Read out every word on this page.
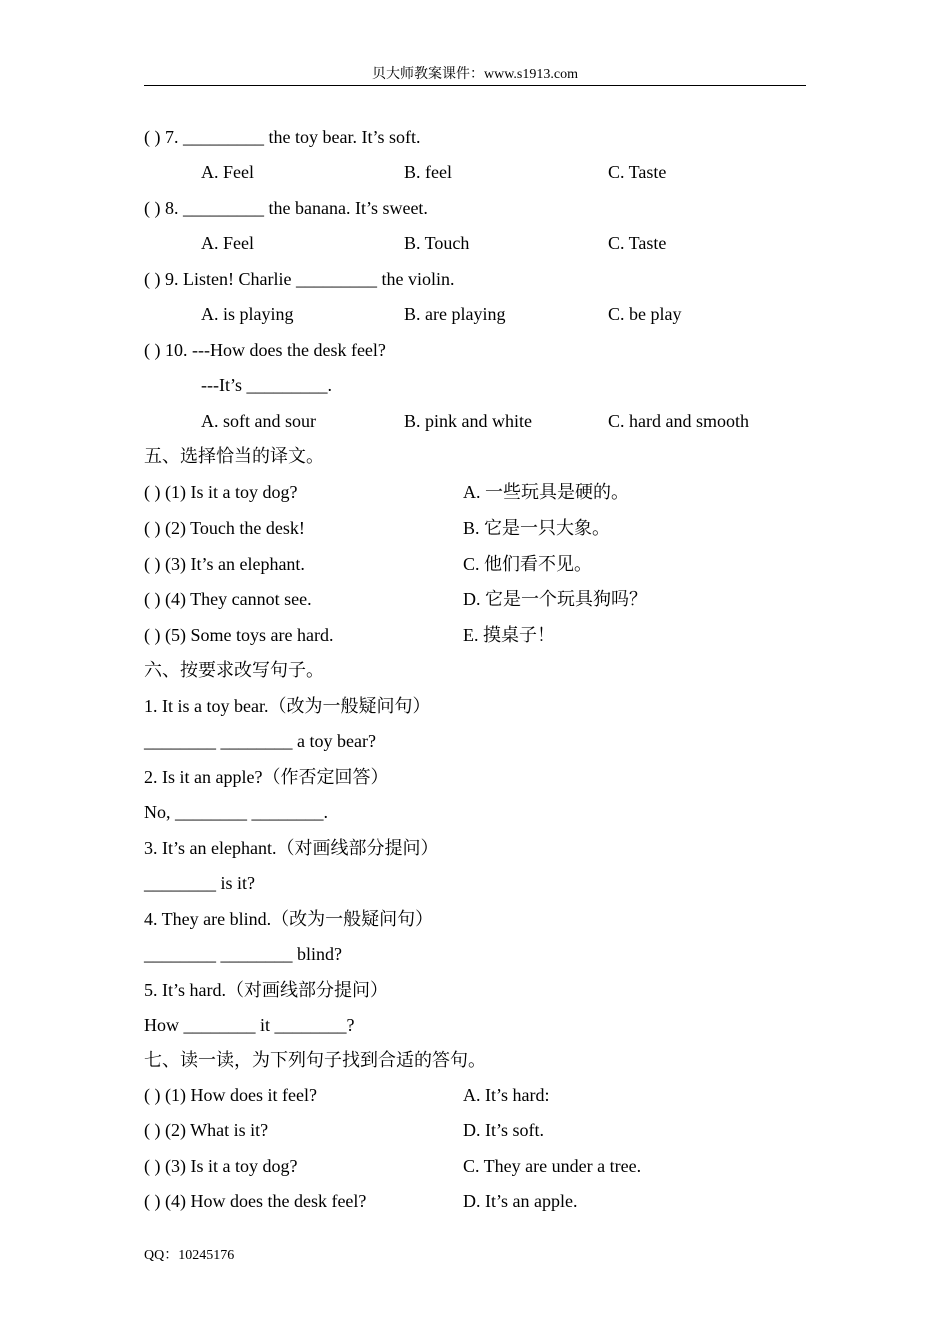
贝大师教案课件：www.s1913.com
( ) 7. _________ the toy bear. It’s soft.
A. Feel	B. feel	C. Taste
( ) 8. _________ the banana. It’s sweet.
A. Feel	B. Touch	C. Taste
( ) 9. Listen! Charlie _________ the violin.
A. is playing	B. are playing	C. be play
( ) 10. ---How does the desk feel?
---It’s _________.
A. soft and sour	B. pink and white	C. hard and smooth
五、选择恰当的译文。
( ) (1) Is it a toy dog?	A. 一些玩具是硬的。
( ) (2) Touch the desk!	B. 它是一只大象。
( ) (3) It’s an elephant.	C. 他们看不见。
( ) (4) They cannot see.	D. 它是一个玩具狗吗？
( ) (5) Some toys are hard.	E. 摸桌子！
六、按要求改写句子。
1. It is a toy bear.（改为一般疑问句）
________ ________ a toy bear?
2. Is it an apple?（作否定回答）
No, ________ ________.
3. It’s an elephant.（对画线部分提问）
________ is it?
4. They are blind.（改为一般疑问句）
________ ________ blind?
5. It’s hard.（对画线部分提问）
How ________ it ________?
七、读一读，为下列句子找到合适的答句。
( ) (1) How does it feel?	A. It’s hard:
( ) (2) What is it?	D. It’s soft.
( ) (3) Is it a toy dog?	C. They are under a tree.
( ) (4) How does the desk feel?	D. It’s an apple.
QQ：10245176
